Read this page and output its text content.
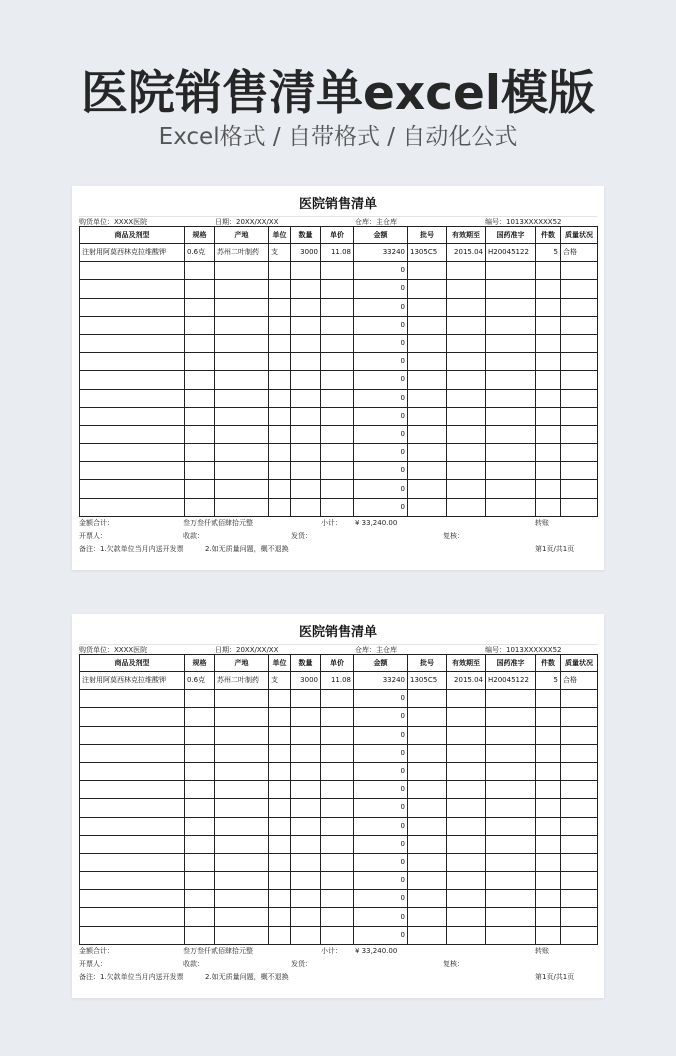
医院销售清单excel模版
Excel格式 / 自带格式 / 自动化公式
医院销售清单
购货单位：XXXX医院	日期：20XX/XX/XX	仓库：主仓库	编号：1013XXXXXX52
商品及剂型	规格	产地	单位	数量	单价	金额	批号	有效期至	国药准字	件数	质量状况
注射用阿莫西林克拉维酸钾	0.6克	苏州二叶制药	支	3000	11.08	33240	1305C5	2015.04	H20045122	5	合格
						0					
						0					
						0					
						0					
						0					
						0					
						0					
						0					
						0					
						0					
						0					
						0					
						0					
						0					
金额合计：	叁万叁仟贰佰肆拾元整	小计： ¥ 33,240.00	转账
开票人：	收款：	发货：	复核：
备注：1.欠款单位当月内送开发票	2.如无质量问题，概不退换	第1页/共1页
医院销售清单
购货单位：XXXX医院	日期：20XX/XX/XX	仓库：主仓库	编号：1013XXXXXX52
商品及剂型	规格	产地	单位	数量	单价	金额	批号	有效期至	国药准字	件数	质量状况
注射用阿莫西林克拉维酸钾	0.6克	苏州二叶制药	支	3000	11.08	33240	1305C5	2015.04	H20045122	5	合格
						0					
						0					
						0					
						0					
						0					
						0					
						0					
						0					
						0					
						0					
						0					
						0					
						0					
						0					
金额合计：	叁万叁仟贰佰肆拾元整	小计： ¥ 33,240.00	转账
开票人：	收款：	发货：	复核：
备注：1.欠款单位当月内送开发票	2.如无质量问题，概不退换	第1页/共1页
